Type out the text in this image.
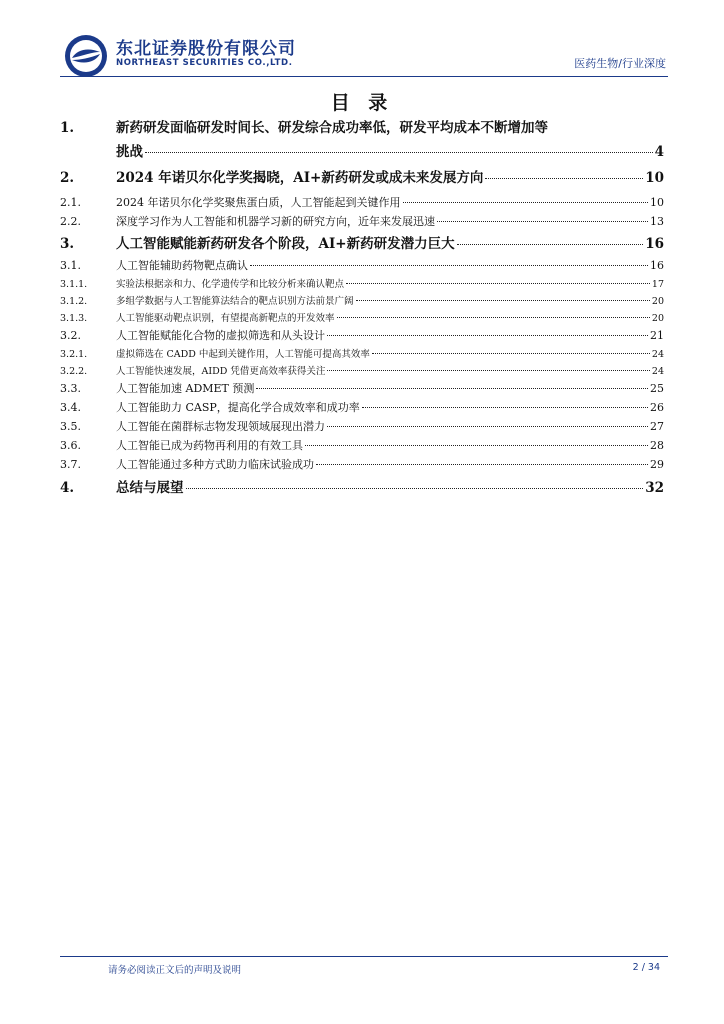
东北证券股份有限公司
NORTHEAST SECURITIES CO.,LTD.	医药生物/行业深度
目 录
1.	新药研发面临研发时间长、研发综合成功率低，研发平均成本不断增加等
挑战	4
2.	2024 年诺贝尔化学奖揭晓，AI+新药研发或成未来发展方向	10
2.1.	2024 年诺贝尔化学奖聚焦蛋白质，人工智能起到关键作用	10
2.2.	深度学习作为人工智能和机器学习新的研究方向，近年来发展迅速	13
3.	人工智能赋能新药研发各个阶段，AI+新药研发潜力巨大	16
3.1.	人工智能辅助药物靶点确认	16
3.1.1.	实验法根据亲和力、化学遗传学和比较分析来确认靶点	17
3.1.2.	多组学数据与人工智能算法结合的靶点识别方法前景广阔	20
3.1.3.	人工智能驱动靶点识别，有望提高新靶点的开发效率	20
3.2.	人工智能赋能化合物的虚拟筛选和从头设计	21
3.2.1.	虚拟筛选在 CADD 中起到关键作用，人工智能可提高其效率	24
3.2.2.	人工智能快速发展，AIDD 凭借更高效率获得关注	24
3.3.	人工智能加速 ADMET 预测	25
3.4.	人工智能助力 CASP，提高化学合成效率和成功率	26
3.5.	人工智能在菌群标志物发现领域展现出潜力	27
3.6.	人工智能已成为药物再利用的有效工具	28
3.7.	人工智能通过多种方式助力临床试验成功	29
4.	总结与展望	32
请务必阅读正文后的声明及说明	2 / 34
